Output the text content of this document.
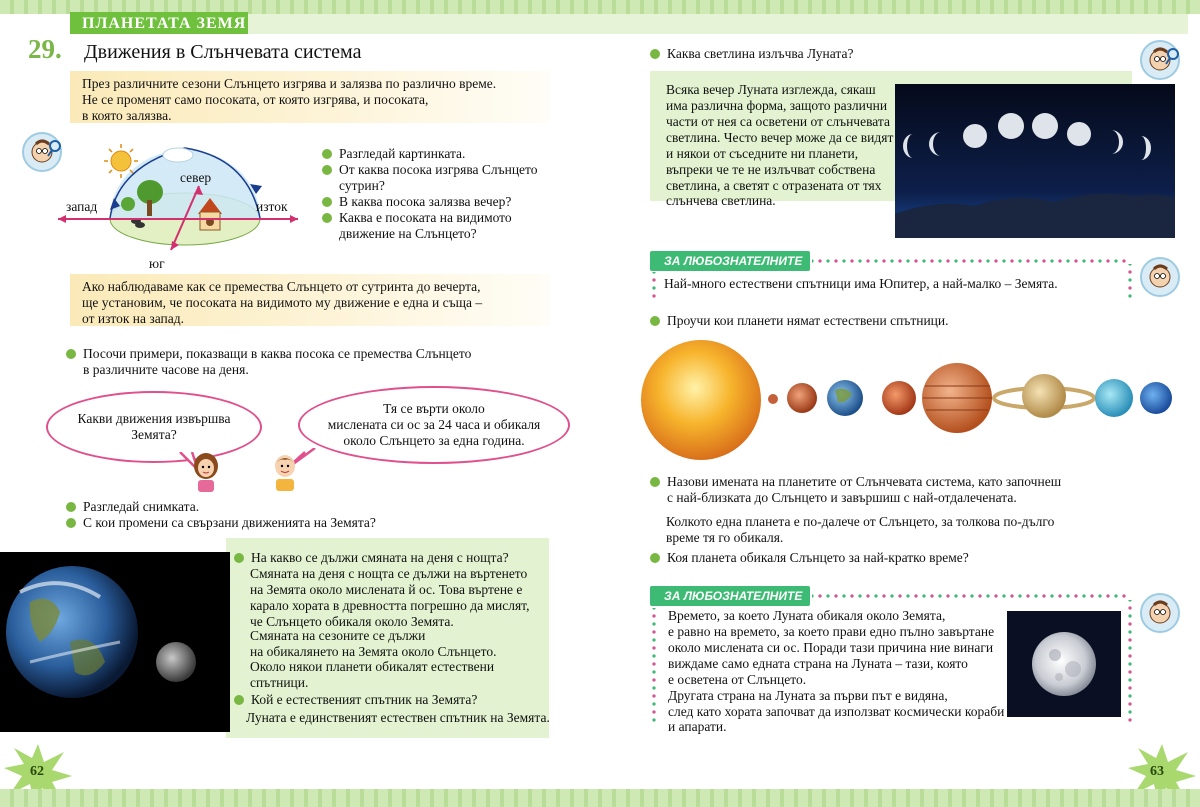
ПЛАНЕТАТА ЗЕМЯ
29. Движения в Слънчевата система

През различните сезони Слънцето изгрява и залязва по различно време.

Не се променят само посоката, от която изгрява, и посоката,

в която залязва.

запад	изток
север
юг
Разгледай картинката.
От каква посока изгрява Слънцето
сутрин?
В каква посока залязва вечер?
Каква е посоката на видимото
движение на Слънцето?

Ако наблюдаваме как се премества Слънцето от сутринта до вечерта,

ще установим, че посоката на видимото му движение е една и съща –

от изток на запад.

Посочи примери, показващи в каква посока се премества Слънцето
в различните часове на деня.
Какви движения извършва
Земята?
Тя се върти около
мислената си ос за 24 часа и обикаля
около Слънцето за една година.
Разгледай снимката.
С кои промени са свързани движенията на Земята?
На какво се дължи смяната на деня с нощта?
Смяната на деня с нощта се дължи на въртенето
на Земята около мислената й ос. Това въртене е
карало хората в древността погрешно да мислят,
че Слънцето обикаля около Земята.
Смяната на сезоните се дължи
на обикалянето на Земята около Слънцето.
Около някои планети обикалят естествени
спътници.
Кой е естественият спътник на Земята?
Луната е единственият естествен спътник на Земята.
62
Каква светлина излъчва Луната?
Всяка вечер Луната изглежда, сякаш
има различна форма, защото различни
части от нея са осветени от слънчевата
светлина. Често вечер може да се видят
и някои от съседните ни планети,
въпреки че те не излъчват собствена
светлина, а светят с отразената от тях
слънчева светлина.
ЗА ЛЮБОЗНАТЕЛНИТЕ
Най-много естествени спътници има Юпитер, а най-малко – Земята.
Проучи кои планети нямат естествени спътници.
Назови имената на планетите от Слънчевата система, като започнеш
с най-близката до Слънцето и завършиш с най-отдалечената.
Колкото една планета е по-далече от Слънцето, за толкова по-дълго
време тя го обикаля.
Коя планета обикаля Слънцето за най-кратко време?
ЗА ЛЮБОЗНАТЕЛНИТЕ
Времето, за което Луната обикаля около Земята,
е равно на времето, за което прави едно пълно завъртане
около мислената си ос. Поради тази причина ние винаги
виждаме само едната страна на Луната – тази, която
е осветена от Слънцето.
Другата страна на Луната за първи път е видяна,
след като хората започват да използват космически кораби
и апарати.
63
